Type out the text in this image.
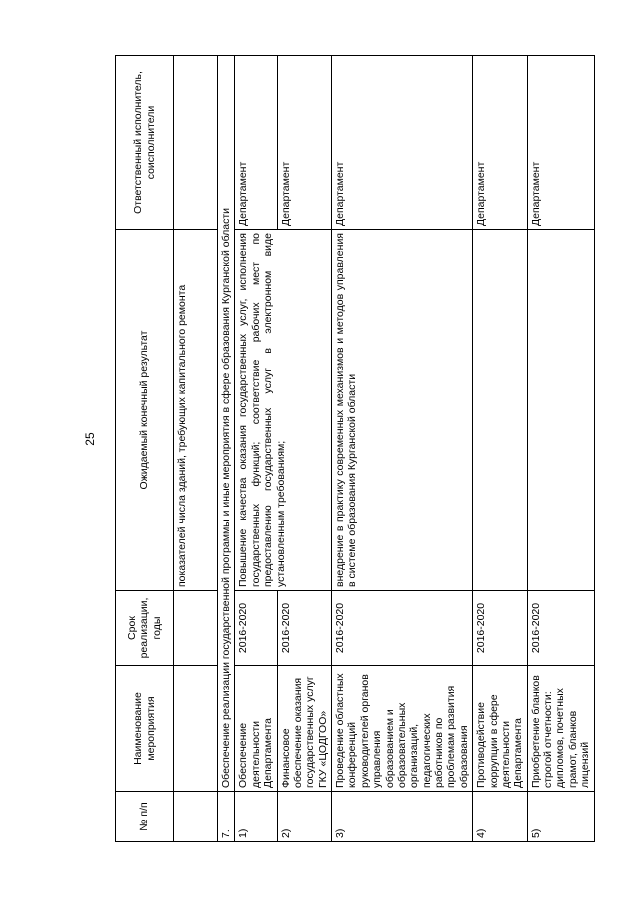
25
№ п/п	Наименование мероприятия	Срок реализации, годы	Ожидаемый конечный результат	Ответственный исполнитель, соисполнители
			показателей числа зданий, требующих капитального ремонта	
7.	Обеспечение реализации государственной программы и иные мероприятия в сфере образования Курганской области			
1)	Обеспечение деятельности Департамента	2016-2020	Повышение качества оказания государственных услуг, исполнения государственных функций; соответствие рабочих мест по предоставлению государственных услуг в электронном виде установленным требованиям;	Департамент
2)	Финансовое обеспечение оказания государственных услуг ГКУ «ЦОДГОО»	2016-2020		Департамент
3)	Проведение областных конференций руководителей органов управления образованием и образовательных организаций, педагогических работников по проблемам развития образования	2016-2020	внедрение в практику современных механизмов и методов управления в системе образования Курганской области	Департамент
4)	Противодействие коррупции в сфере деятельности Департамента	2016-2020		Департамент
5)	Приобретение бланков строгой отчетности: дипломов, почетных грамот, бланков лицензий	2016-2020		Департамент
